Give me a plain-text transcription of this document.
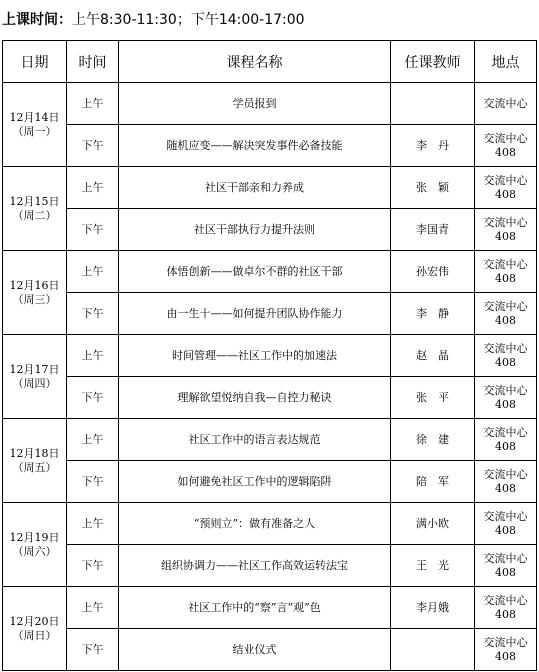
上课时间：上午8:30-11:30；下午14:00-17:00
日期	时间	课程名称	任课教师	地点

12月14日
（周一）	上午	学员报到		交流中心

	下午	随机应变——解决突发事件必备技能	李　丹	交流中心
408

12月15日
（周二）	上午	社区干部亲和力养成	张　颖	交流中心
408

	下午	社区干部执行力提升法则	李国青	交流中心
408

12月16日
（周三）	上午	体悟创新——做卓尔不群的社区干部	孙宏伟	交流中心
408

	下午	由一生十——如何提升团队协作能力	李　静	交流中心
408

12月17日
（周四）	上午	时间管理——社区工作中的加速法	赵　晶	交流中心
408

	下午	理解欲望悦纳自我—自控力秘诀	张　平	交流中心
408

12月18日
（周五）	上午	社区工作中的语言表达规范	徐　建	交流中心
408

	下午	如何避免社区工作中的逻辑陷阱	陪　军	交流中心
408

12月19日
（周六）	上午	“预则立”：做有准备之人	满小欧	交流中心
408

	下午	组织协调力——社区工作高效运转法宝	王　光	交流中心
408

12月20日
（周日）	上午	社区工作中的“察”言“观”色	李月娥	交流中心
408

	下午	结业仪式		交流中心
408
